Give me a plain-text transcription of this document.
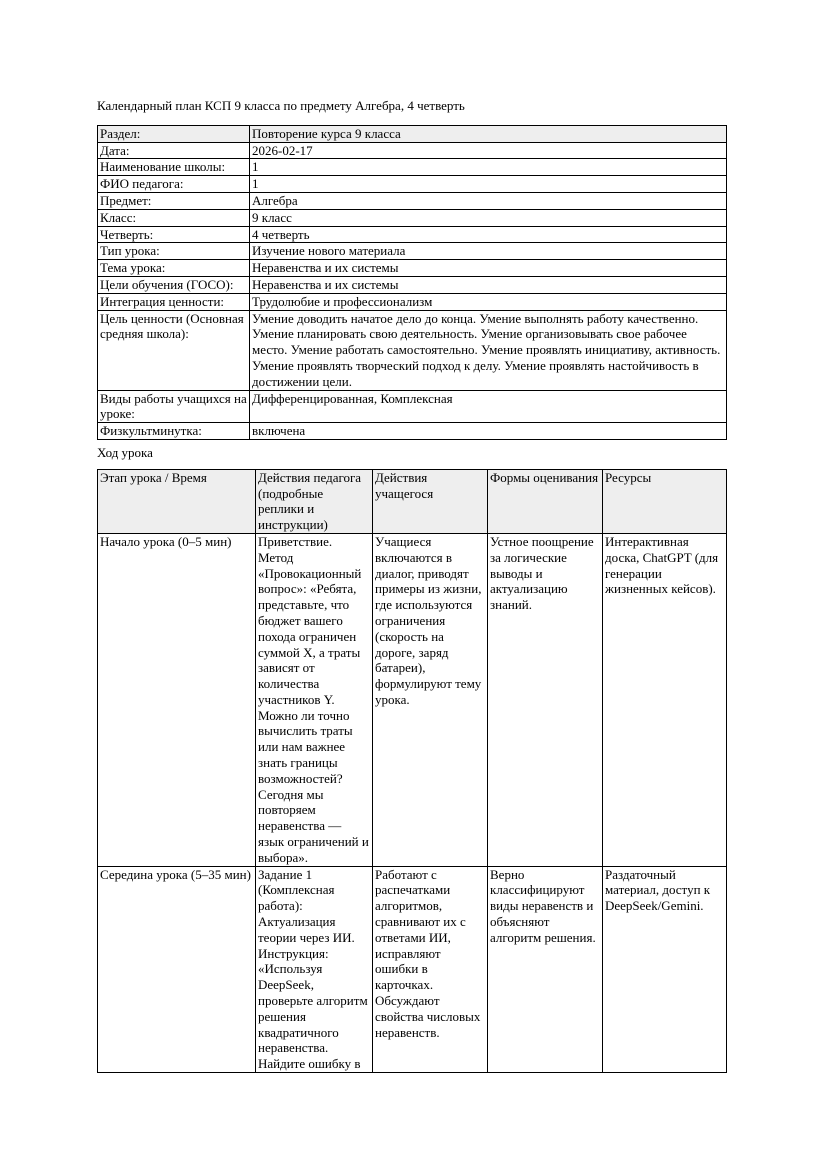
Календарный план КСП 9 класса по предмету Алгебра, 4 четверть

Раздел:	Повторение курса 9 класса
Дата:	2026-02-17
Наименование школы:	1
ФИО педагога:	1
Предмет:	Алгебра
Класс:	9 класс
Четверть:	4 четверть
Тип урока:	Изучение нового материала
Тема урока:	Неравенства и их системы
Цели обучения (ГОСО):	Неравенства и их системы
Интеграция ценности:	Трудолюбие и профессионализм
Цель ценности (Основная средняя школа):	Умение доводить начатое дело до конца. Умение выполнять работу качественно. Умение планировать свою деятельность. Умение организовывать свое рабочее место. Умение работать самостоятельно. Умение проявлять инициативу, активность. Умение проявлять творческий подход к делу. Умение проявлять настойчивость в достижении цели.
Виды работы учащихся на уроке:	Дифференцированная, Комплексная
Физкультминутка:	включена

Ход урока

Этап урока / Время	Действия педагога (подробные реплики и инструкции)	Действия учащегося	Формы оценивания	Ресурсы
Начало урока (0–5 мин)	Приветствие. Метод «Провокационный вопрос»: «Ребята, представьте, что бюджет вашего похода ограничен суммой X, а траты зависят от количества участников Y. Можно ли точно вычислить траты или нам важнее знать границы возможностей? Сегодня мы повторяем неравенства — язык ограничений и выбора».	Учащиеся включаются в диалог, приводят примеры из жизни, где используются ограничения (скорость на дороге, заряд батареи), формулируют тему урока.	Устное поощрение за логические выводы и актуализацию знаний.	Интерактивная доска, ChatGPT (для генерации жизненных кейсов).
Середина урока (5–35 мин)	Задание 1 (Комплексная работа): Актуализация теории через ИИ. Инструкция: «Используя DeepSeek, проверьте алгоритм решения квадратичного неравенства. Найдите ошибку в	Работают с распечатками алгоритмов, сравнивают их с ответами ИИ, исправляют ошибки в карточках. Обсуждают свойства числовых неравенств.	Верно классифицируют виды неравенств и объясняют алгоритм решения.	Раздаточный материал, доступ к DeepSeek/Gemini.
